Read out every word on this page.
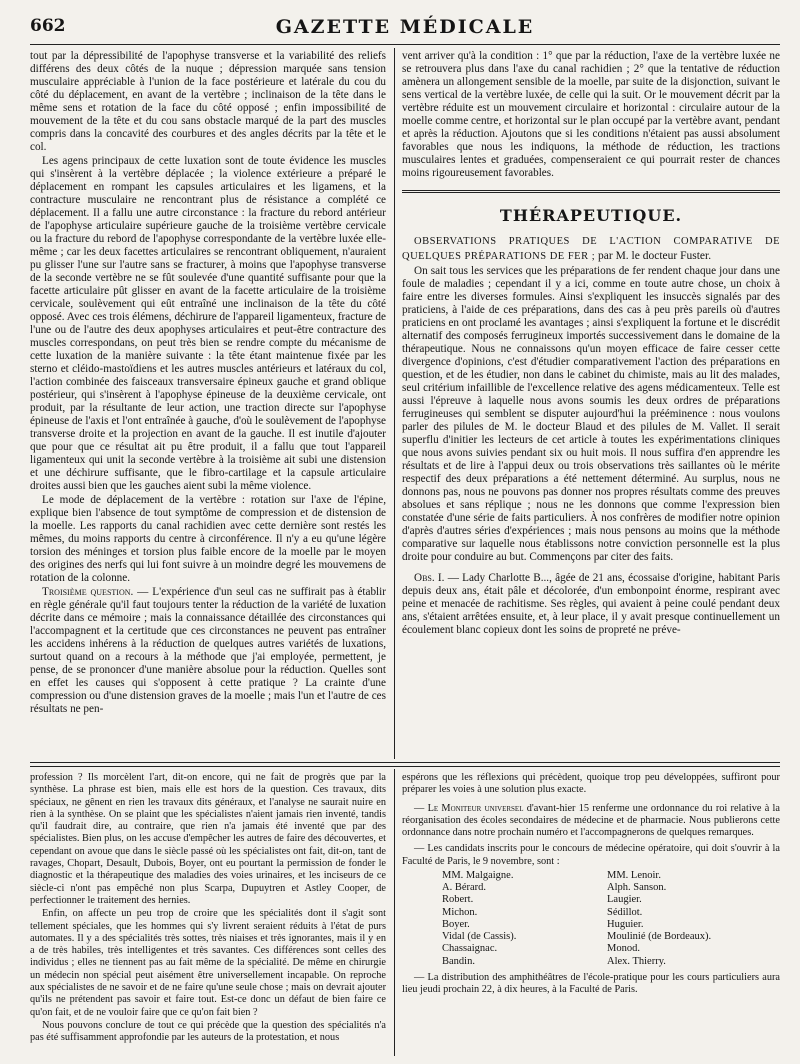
662	GAZETTE MÉDICALE

tout par la dépressibilité de l'apophyse transverse et la variabilité des reliefs différens des deux côtés de la nuque ; dépression marquée sans tension musculaire appréciable à l'union de la face postérieure et latérale du cou du côté du déplacement, en avant de la vertèbre ; inclinaison de la tête dans le même sens et rotation de la face du côté opposé ; enfin impossibilité de mouvement de la tête et du cou sans obstacle marqué de la part des muscles compris dans la concavité des courbures et des angles décrits par la tête et le col.

Les agens principaux de cette luxation sont de toute évidence les muscles qui s'insèrent à la vertèbre déplacée ; la violence extérieure a préparé le déplacement en rompant les capsules articulaires et les ligamens, et la contracture musculaire ne rencontrant plus de résistance a complété ce déplacement. Il a fallu une autre circonstance : la fracture du rebord antérieur de l'apophyse articulaire supérieure gauche de la troisième vertèbre cervicale ou la fracture du rebord de l'apophyse correspondante de la vertèbre luxée elle-même ; car les deux facettes articulaires se rencontrant obliquement, n'auraient pu glisser l'une sur l'autre sans se fracturer, à moins que l'apophyse transverse de la seconde vertèbre ne se fût soulevée d'une quantité suffisante pour que la facette articulaire pût glisser en avant de la facette articulaire de la troisième cervicale, soulèvement qui eût entraîné une inclinaison de la tête du côté opposé. Avec ces trois élémens, déchirure de l'appareil ligamenteux, fracture de l'une ou de l'autre des deux apophyses articulaires et peut-être contracture des muscles correspondans, on peut très bien se rendre compte du mécanisme de cette luxation de la manière suivante : la tête étant maintenue fixée par les sterno et cléido-mastoïdiens et les autres muscles antérieurs et latéraux du col, l'action combinée des faisceaux transversaire épineux gauche et grand oblique postérieur, qui s'insèrent à l'apophyse épineuse de la deuxième cervicale, ont produit, par la résultante de leur action, une traction directe sur l'apophyse épineuse de l'axis et l'ont entraînée à gauche, d'où le soulèvement de l'apophyse transverse droite et la projection en avant de la gauche. Il est inutile d'ajouter que pour que ce résultat ait pu être produit, il a fallu que tout l'appareil ligamenteux qui unit la seconde vertèbre à la troisième ait subi une distension et une déchirure suffisante, que le fibro-cartilage et la capsule articulaire droites aussi bien que les gauches aient subi la même violence.

Le mode de déplacement de la vertèbre : rotation sur l'axe de l'épine, explique bien l'absence de tout symptôme de compression et de distension de la moelle. Les rapports du canal rachidien avec cette dernière sont restés les mêmes, du moins rapports du centre à circonférence. Il n'y a eu qu'une légère torsion des méninges et torsion plus faible encore de la moelle par le moyen des origines des nerfs qui lui font suivre à un moindre degré les mouvemens de rotation de la colonne.

Troisième question. — L'expérience d'un seul cas ne suffirait pas à établir en règle générale qu'il faut toujours tenter la réduction de la variété de luxation décrite dans ce mémoire ; mais la connaissance détaillée des circonstances qui l'accompagnent et la certitude que ces circonstances ne peuvent pas entraîner les accidens inhérens à la réduction de quelques autres variétés de luxations, surtout quand on a recours à la méthode que j'ai employée, permettent, je pense, de se prononcer d'une manière absolue pour la réduction. Quelles sont en effet les causes qui s'opposent à cette pratique ? La crainte d'une compression ou d'une distension graves de la moelle ; mais l'un et l'autre de ces résultats ne pen-

vent arriver qu'à la condition : 1° que par la réduction, l'axe de la vertèbre luxée ne se retrouvera plus dans l'axe du canal rachidien ; 2° que la tentative de réduction amènera un allongement sensible de la moelle, par suite de la disjonction, suivant le sens vertical de la vertèbre luxée, de celle qui la suit. Or le mouvement décrit par la vertèbre réduite est un mouvement circulaire et horizontal : circulaire autour de la moelle comme centre, et horizontal sur le plan occupé par la vertèbre avant, pendant et après la réduction. Ajoutons que si les conditions n'étaient pas aussi absolument favorables que nous les indiquons, la méthode de réduction, les tractions musculaires lentes et graduées, compenseraient ce qui pourrait rester de chances moins rigoureusement favorables.

THÉRAPEUTIQUE.

OBSERVATIONS PRATIQUES DE L'ACTION COMPARATIVE DE QUELQUES PRÉPARATIONS DE FER ; par M. le docteur Fuster.

On sait tous les services que les préparations de fer rendent chaque jour dans une foule de maladies ; cependant il y a ici, comme en toute autre chose, un choix à faire entre les diverses formules. Ainsi s'expliquent les insuccès signalés par des praticiens, à l'aide de ces préparations, dans des cas à peu près pareils où d'autres praticiens en ont proclamé les avantages ; ainsi s'expliquent la fortune et le discrédit alternatif des composés ferrugineux importés successivement dans le domaine de la thérapeutique. Nous ne connaissons qu'un moyen efficace de faire cesser cette divergence d'opinions, c'est d'étudier comparativement l'action des préparations en question, et de les étudier, non dans le cabinet du chimiste, mais au lit des malades, seul critérium infaillible de l'excellence relative des agens médicamenteux. Telle est aussi l'épreuve à laquelle nous avons soumis les deux ordres de préparations ferrugineuses qui semblent se disputer aujourd'hui la prééminence : nous voulons parler des pilules de M. le docteur Blaud et des pilules de M. Vallet. Il serait superflu d'initier les lecteurs de cet article à toutes les expérimentations cliniques que nous avons suivies pendant six ou huit mois. Il nous suffira d'en apprendre les résultats et de lire à l'appui deux ou trois observations très saillantes où le mérite respectif des deux préparations a été nettement déterminé. Au surplus, nous ne donnons pas, nous ne pouvons pas donner nos propres résultats comme des preuves absolues et sans réplique ; nous ne les donnons que comme l'expression bien constatée d'une série de faits particuliers. À nos confrères de modifier notre opinion d'après d'autres séries d'expériences ; mais nous pensons au moins que la méthode comparative sur laquelle nous établissons notre conviction personnelle est la plus droite pour conduire au but. Commençons par citer des faits.

Obs. I. — Lady Charlotte B..., âgée de 21 ans, écossaise d'origine, habitant Paris depuis deux ans, était pâle et décolorée, d'un embonpoint énorme, respirant avec peine et menacée de rachitisme. Ses règles, qui avaient à peine coulé pendant deux ans, s'étaient arrêtées ensuite, et, à leur place, il y avait presque continuellement un écoulement blanc copieux dont les soins de propreté ne préve-

profession ? Ils morcèlent l'art, dit-on encore, qui ne fait de progrès que par la synthèse. La phrase est bien, mais elle est hors de la question. Ces travaux, dits spéciaux, ne gênent en rien les travaux dits généraux, et l'analyse ne saurait nuire en rien à la synthèse. On se plaint que les spécialistes n'aient jamais rien inventé, tandis qu'il faudrait dire, au contraire, que rien n'a jamais été inventé que par des spécialistes. Bien plus, on les accuse d'empêcher les autres de faire des découvertes, et cependant on avoue que dans le siècle passé où les spécialistes ont fait, dit-on, tant de ravages, Chopart, Desault, Dubois, Boyer, ont eu pourtant la permission de fonder le diagnostic et la thérapeutique des maladies des voies urinaires, et les inciseurs de ce siècle-ci n'ont pas empêché non plus Scarpa, Dupuytren et Astley Cooper, de perfectionner le traitement des hernies.

Enfin, on affecte un peu trop de croire que les spécialités dont il s'agit sont tellement spéciales, que les hommes qui s'y livrent seraient réduits à l'état de purs automates. Il y a des spécialités très sottes, très niaises et très ignorantes, mais il y en a de très habiles, très intelligentes et très savantes. Ces différences sont celles des individus ; elles ne tiennent pas au fait même de la spécialité. De même en chirurgie un médecin non spécial peut aisément être universellement incapable. On reproche aux spécialistes de ne savoir et de ne faire qu'une seule chose ; mais on devrait ajouter qu'ils ne prétendent pas savoir et faire tout. Est-ce donc un défaut de bien faire ce qu'on fait, et de ne vouloir faire que ce qu'on fait bien ?

Nous pouvons conclure de tout ce qui précède que la question des spécialités n'a pas été suffisamment approfondie par les auteurs de la protestation, et nous

espérons que les réflexions qui précèdent, quoique trop peu développées, suffiront pour préparer les voies à une solution plus exacte.

— Le Moniteur universel d'avant-hier 15 renferme une ordonnance du roi relative à la réorganisation des écoles secondaires de médecine et de pharmacie. Nous publierons cette ordonnance dans notre prochain numéro et l'accompagnerons de quelques remarques.

— Les candidats inscrits pour le concours de médecine opératoire, qui doit s'ouvrir à la Faculté de Paris, le 9 novembre, sont :

MM. Malgaigne.
A. Bérard.
Robert.
Michon.
Boyer.
Vidal (de Cassis).
Chassaignac.
Bandin.
MM. Lenoir.
Alph. Sanson.
Laugier.
Sédillot.
Huguier.
Moulinié (de Bordeaux).
Monod.
Alex. Thierry.

— La distribution des amphithéâtres de l'école-pratique pour les cours particuliers aura lieu jeudi prochain 22, à dix heures, à la Faculté de Paris.
